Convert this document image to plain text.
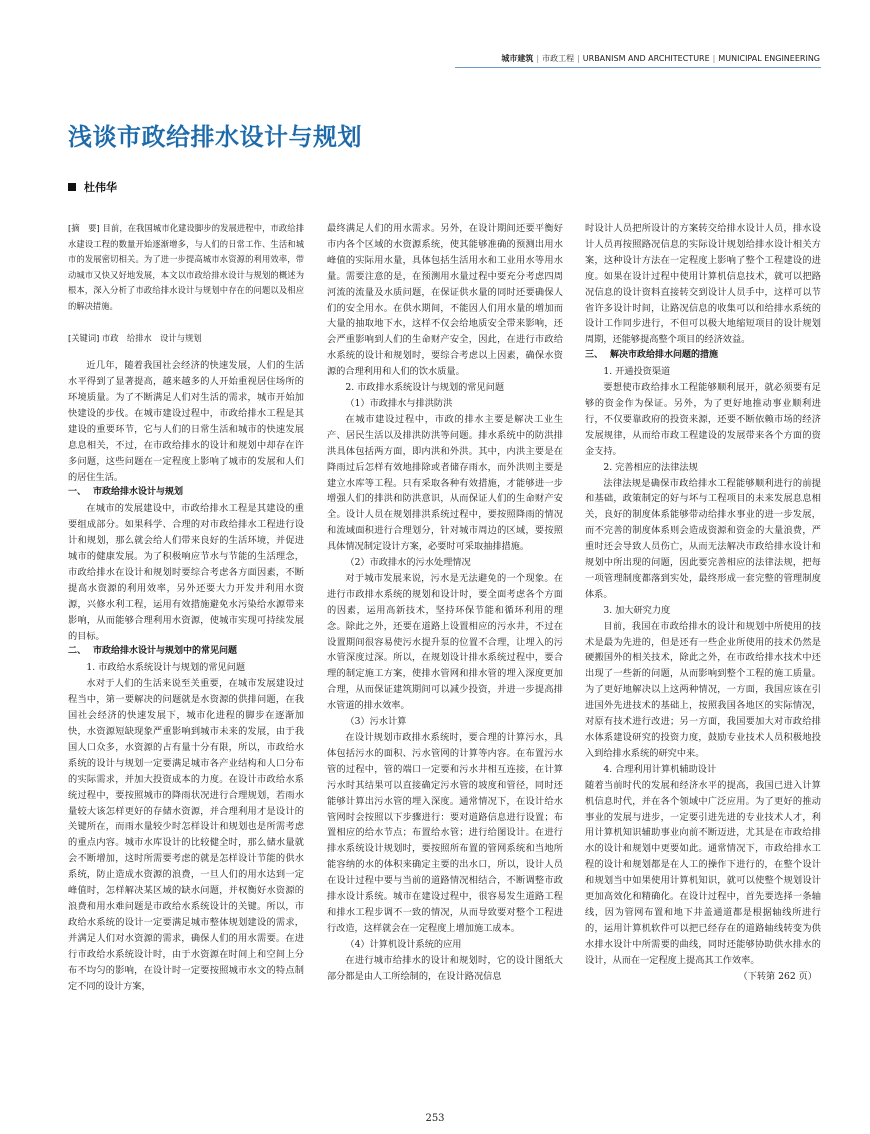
城市建筑 | 市政工程 | URBANISM AND ARCHITECTURE | MUNICIPAL ENGINEERING
浅谈市政给排水设计与规划
杜伟华

[摘　要] 目前，在我国城市化建设脚步的发展进程中，市政给排水建设工程的数量开始逐渐增多，与人们的日常工作、生活和城市的发展密切相关。为了进一步提高城市水资源的利用效率，带动城市又快又好地发展，本文以市政给排水设计与规划的概述为根本，深入分析了市政给排水设计与规划中存在的问题以及相应的解决措施。

[关键词] 市政　给排水　设计与规划

近几年，随着我国社会经济的快速发展，人们的生活水平得到了显著提高，越来越多的人开始重视居住场所的环境质量。为了不断满足人们对生活的需求，城市开始加快建设的步伐。在城市建设过程中，市政给排水工程是其建设的重要环节，它与人们的日常生活和城市的快速发展息息相关，不过，在市政给排水的设计和规划中却存在许多问题，这些问题在一定程度上影响了城市的发展和人们的居住生活。

一、 市政给排水设计与规划

在城市的发展建设中，市政给排水工程是其建设的重要组成部分。如果科学、合理的对市政给排水工程进行设计和规划，那么就会给人们带来良好的生活环境，并促进城市的健康发展。为了积极响应节水与节能的生活理念，市政给排水在设计和规划时要综合考虑各方面因素，不断提高水资源的利用效率，另外还要大力开发并利用水资源，兴修水利工程，运用有效措施避免水污染给水源带来影响，从而能够合理利用水资源，使城市实现可持续发展的目标。

二、 市政给排水设计与规划中的常见问题

1. 市政给水系统设计与规划的常见问题

水对于人们的生活来说至关重要，在城市发展建设过程当中，第一要解决的问题就是水资源的供排问题，在我国社会经济的快速发展下，城市化进程的脚步在逐渐加快，水资源短缺现象严重影响到城市未来的发展，由于我国人口众多，水资源的占有量十分有限，所以，市政给水系统的设计与规划一定要满足城市各产业结构和人口分布的实际需求，并加大投资成本的力度。在设计市政给水系统过程中，要按照城市的降雨状况进行合理规划，若雨水量较大该怎样更好的存储水资源，并合理利用才是设计的关键所在，而雨水量较少时怎样设计和规划也是所需考虑的重点内容。城市水库设计的比较健全时，那么储水量就会不断增加，这时所需要考虑的就是怎样设计节能的供水系统，防止造成水资源的浪费，一旦人们的用水达到一定峰值时，怎样解决某区域的缺水问题，并权衡好水资源的浪费和用水难问题是市政给水系统设计的关键。所以，市政给水系统的设计一定要满足城市整体规划建设的需求，并满足人们对水资源的需求，确保人们的用水需要。在进行市政给水系统设计时，由于水资源在时间上和空间上分布不均匀的影响，在设计时一定要按照城市水文的特点制定不同的设计方案，

最终满足人们的用水需求。另外，在设计期间还要平衡好市内各个区域的水资源系统，使其能够准确的预测出用水峰值的实际用水量，具体包括生活用水和工业用水等用水量。需要注意的是，在预测用水量过程中要充分考虑四周河流的流量及水质问题，在保证供水量的同时还要确保人们的安全用水。在供水期间，不能因人们用水量的增加而大量的抽取地下水，这样不仅会给地质安全带来影响，还会严重影响到人们的生命财产安全，因此，在进行市政给水系统的设计和规划时，要综合考虑以上因素，确保水资源的合理利用和人们的饮水质量。

2. 市政排水系统设计与规划的常见问题

（1）市政排水与排洪防洪

在城市建设过程中，市政的排水主要是解决工业生产、居民生活以及排洪防洪等问题。排水系统中的防洪排洪具体包括两方面，即内洪和外洪。其中，内洪主要是在降雨过后怎样有效地排除或者储存雨水，而外洪则主要是建立水库等工程。只有采取各种有效措施，才能够进一步增强人们的排洪和防洪意识，从而保证人们的生命财产安全。设计人员在规划排洪系统过程中，要按照降雨的情况和流域面积进行合理划分，针对城市周边的区域，要按照具体情况制定设计方案，必要时可采取抽排措施。

（2）市政排水的污水处理情况

对于城市发展来说，污水是无法避免的一个现象。在进行市政排水系统的规划和设计时，要全面考虑各个方面的因素，运用高新技术，坚持环保节能和循环利用的理念。除此之外，还要在道路上设置相应的污水井，不过在设置期间很容易使污水提升泵的位置不合理，让埋入的污水管深度过深。所以，在规划设计排水系统过程中，要合理的制定施工方案，使排水管网和排水管的埋入深度更加合理，从而保证建筑期间可以减少投资，并进一步提高排水管道的排水效率。

（3）污水计算

在设计规划市政排水系统时，要合理的计算污水，具体包括污水的面积、污水管网的计算等内容。在布置污水管的过程中，管的端口一定要和污水井相互连接，在计算污水时其结果可以直接确定污水管的坡度和管径，同时还能够计算出污水管的埋入深度。通常情况下，在设计给水管网时会按照以下步骤进行：要对道路信息进行设置；布置相应的给水节点；布置给水管；进行给图设计。在进行排水系统设计规划时，要按照所布置的管网系统和当地所能容纳的水的体积来确定主要的出水口，所以，设计人员在设计过程中要与当前的道路情况相结合，不断调整市政排水设计系统。城市在建设过程中，很容易发生道路工程和排水工程步调不一致的情况，从而导致要对整个工程进行改造，这样就会在一定程度上增加施工成本。

（4）计算机设计系统的应用

在进行城市给排水的设计和规划时，它的设计图纸大部分都是由人工所绘制的，在设计路况信息

时设计人员把所设计的方案转交给排水设计人员，排水设计人员再按照路况信息的实际设计规划给排水设计相关方案，这种设计方法在一定程度上影响了整个工程建设的进度。如果在设计过程中使用计算机信息技术，就可以把路况信息的设计资料直接转交到设计人员手中，这样可以节省许多设计时间，让路况信息的收集可以和给排水系统的设计工作同步进行，不但可以极大地缩短项目的设计规划周期，还能够提高整个项目的经济效益。

三、 解决市政给排水问题的措施

1. 开通投资渠道

要想使市政给排水工程能够顺利展开，就必须要有足够的资金作为保证。另外，为了更好地推动事业顺利进行，不仅要靠政府的投资来源，还要不断依赖市场的经济发展规律，从而给市政工程建设的发展带来各个方面的资金支持。

2. 完善相应的法律法规

法律法规是确保市政给排水工程能够顺利进行的前提和基础，政策制定的好与坏与工程项目的未来发展息息相关，良好的制度体系能够带动给排水事业的进一步发展，而不完善的制度体系则会造成资源和资金的大量浪费，严重时还会导致人员伤亡，从而无法解决市政给排水设计和规划中所出现的问题，因此要完善相应的法律法规，把每一项管理制度都落到实处，最终形成一套完整的管理制度体系。

3. 加大研究力度

目前，我国在市政给排水的设计和规划中所使用的技术是最为先进的，但是还有一些企业所使用的技术仍然是硬搬国外的相关技术，除此之外，在市政给排水技术中还出现了一些新的问题，从而影响到整个工程的施工质量。为了更好地解决以上这两种情况，一方面，我国应该在引进国外先进技术的基础上，按照我国各地区的实际情况，对原有技术进行改进；另一方面，我国要加大对市政给排水体系建设研究的投资力度，鼓励专业技术人员积极地投入到给排水系统的研究中来。

4. 合理利用计算机辅助设计

随着当前时代的发展和经济水平的提高，我国已进入计算机信息时代，并在各个领域中广泛应用。为了更好的推动事业的发展与进步，一定要引进先进的专业技术人才，利用计算机知识辅助事业向前不断迈进，尤其是在市政给排水的设计和规划中更要如此。通常情况下，市政给排水工程的设计和规划都是在人工的操作下进行的，在整个设计和规划当中如果使用计算机知识，就可以使整个规划设计更加高效化和精确化。在设计过程中，首先要选择一条轴线，因为管网布置和地下井盖通道都是根据轴线所进行的，运用计算机软件可以把已经存在的道路轴线转变为供水排水设计中所需要的曲线，同时还能够协助供水排水的设计，从而在一定程度上提高其工作效率。

（下转第 262 页）

253
